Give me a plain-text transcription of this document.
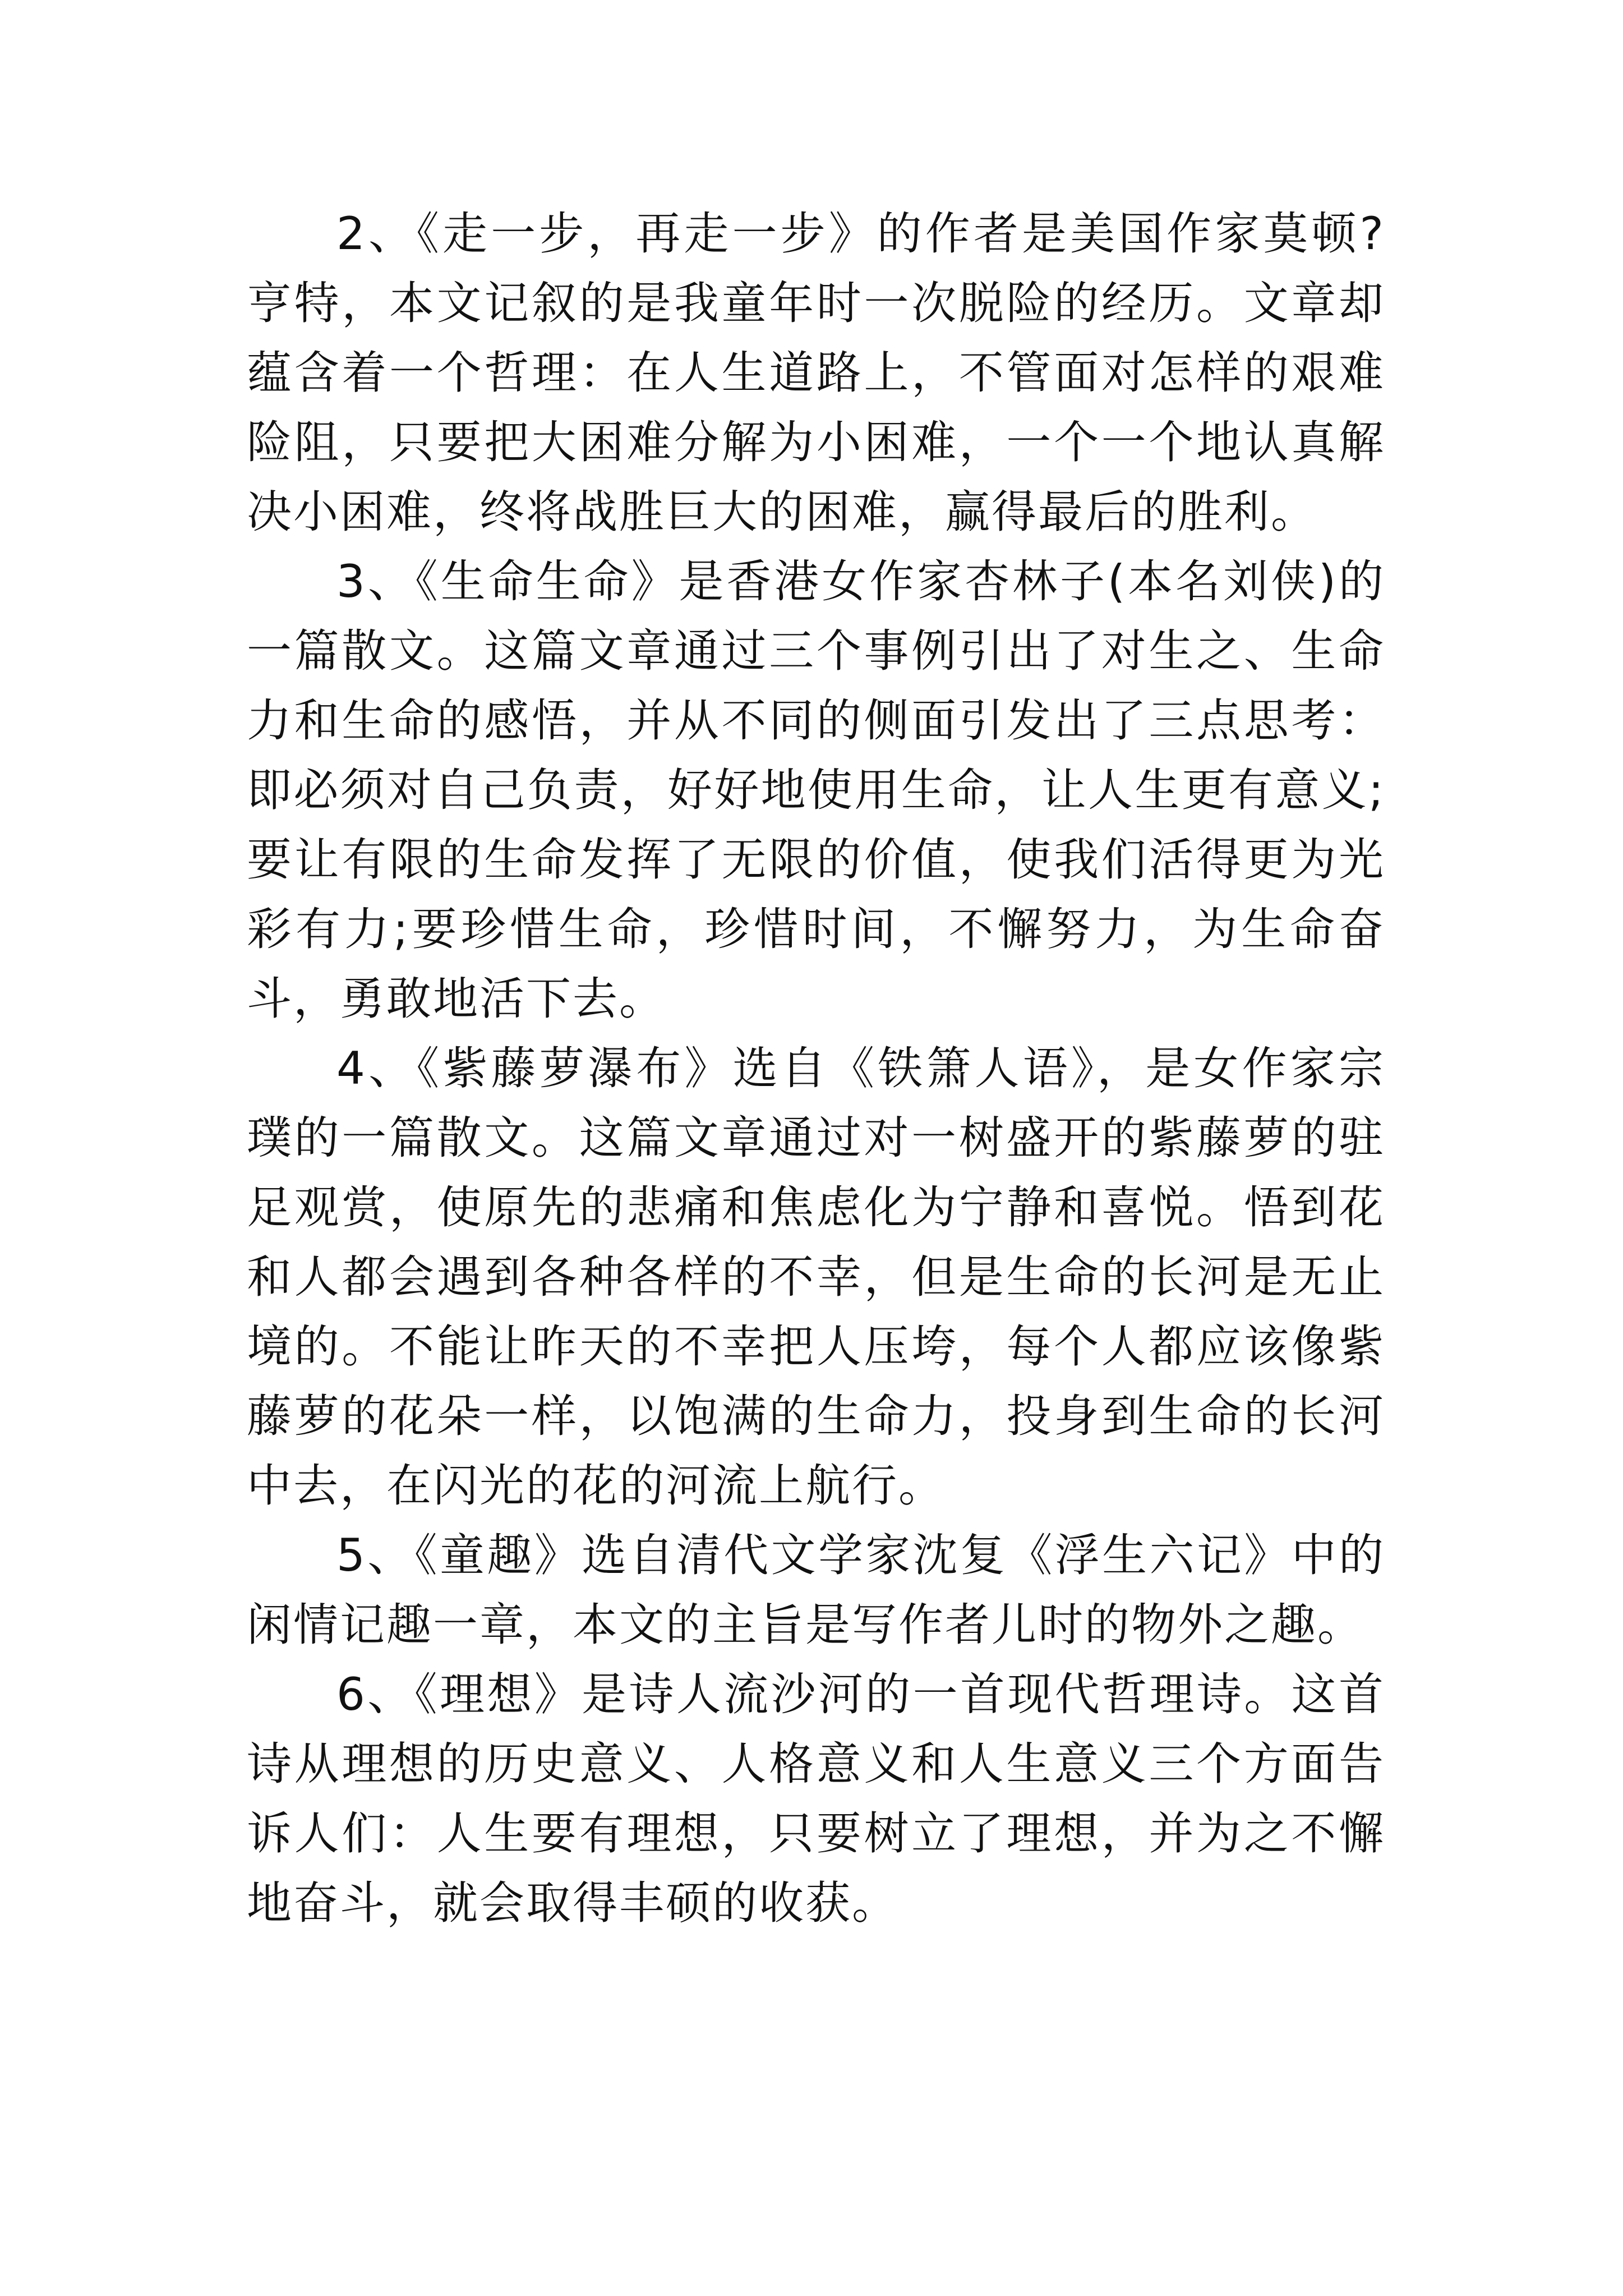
2、《走一步，再走一步》的作者是美国作家莫顿?亨特，本文记叙的是我童年时一次脱险的经历。文章却蕴含着一个哲理：在人生道路上，不管面对怎样的艰难险阻，只要把大困难分解为小困难，一个一个地认真解决小困难，终将战胜巨大的困难，赢得最后的胜利。

3、《生命生命》是香港女作家杏林子(本名刘侠)的一篇散文。这篇文章通过三个事例引出了对生之、生命力和生命的感悟，并从不同的侧面引发出了三点思考：即必须对自己负责，好好地使用生命，让人生更有意义;要让有限的生命发挥了无限的价值，使我们活得更为光彩有力;要珍惜生命，珍惜时间，不懈努力，为生命奋斗，勇敢地活下去。

4、《紫藤萝瀑布》选自《铁箫人语》，是女作家宗璞的一篇散文。这篇文章通过对一树盛开的紫藤萝的驻足观赏，使原先的悲痛和焦虑化为宁静和喜悦。悟到花和人都会遇到各种各样的不幸，但是生命的长河是无止境的。不能让昨天的不幸把人压垮，每个人都应该像紫藤萝的花朵一样，以饱满的生命力，投身到生命的长河中去，在闪光的花的河流上航行。

5、《童趣》选自清代文学家沈复《浮生六记》中的闲情记趣一章，本文的主旨是写作者儿时的物外之趣。

6、《理想》是诗人流沙河的一首现代哲理诗。这首诗从理想的历史意义、人格意义和人生意义三个方面告诉人们：人生要有理想，只要树立了理想，并为之不懈地奋斗，就会取得丰硕的收获。
